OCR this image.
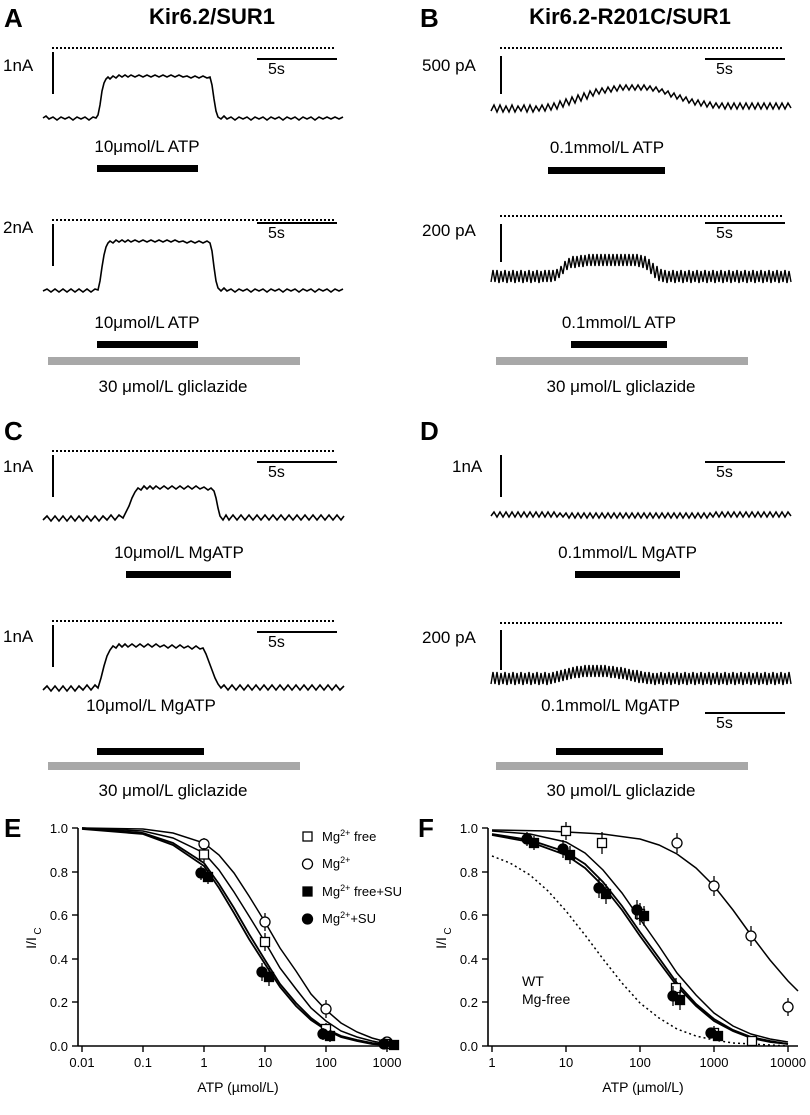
A	Kir6.2/SUR1
1nA	5s
10μmol/L ATP
2nA	5s
10μmol/L ATP
30 μmol/L gliclazide
B	Kir6.2-R201C/SUR1
500 pA	5s
0.1mmol/L ATP
200 pA	5s
0.1mmol/L ATP
30 μmol/L gliclazide
C
1nA	5s
10μmol/L MgATP
1nA	5s
10μmol/L MgATP
30 μmol/L gliclazide
D
1nA	5s
0.1mmol/L MgATP
200 pA
5s
0.1mmol/L MgATP
30 μmol/L gliclazide
E
0.0
0.2
0.4
0.6
0.8
1.0
0.01	0.1	1	10	100	1000
ATP (µmol/L)
I/I
C
$Mg^{2+}$ free
$Mg^{2+}$
$Mg^{2+}$ free+SU
$Mg^{2+}+SU$
F
0.0
0.2
0.4
0.6
0.8
1.0
1	10	100	1000	10000
ATP (µmol/L)
I/I
C
WT
Mg-free
